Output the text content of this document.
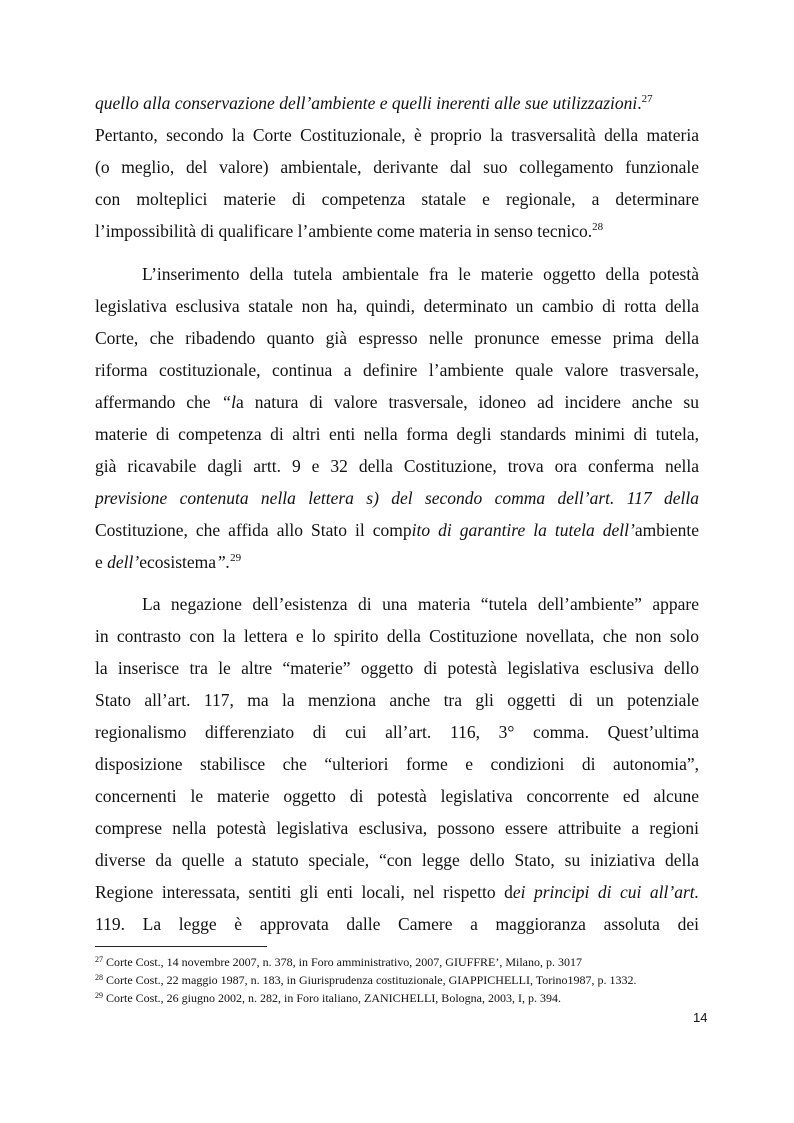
quello alla conservazione dell’ambiente e quelli inerenti alle sue utilizzazioni.$^{27}$
Pertanto, secondo la Corte Costituzionale, è proprio la trasversalità della materia
(o meglio, del valore) ambientale, derivante dal suo collegamento funzionale
con molteplici materie di competenza statale e regionale, a determinare
l’impossibilità di qualificare l’ambiente come materia in senso tecnico.$^{28}$
L’inserimento della tutela ambientale fra le materie oggetto della potestà
legislativa esclusiva statale non ha, quindi, determinato un cambio di rotta della
Corte, che ribadendo quanto già espresso nelle pronunce emesse prima della
riforma costituzionale, continua a definire l’ambiente quale valore trasversale,
affermando che “la natura di valore trasversale, idoneo ad incidere anche su
materie di competenza di altri enti nella forma degli standards minimi di tutela,
già ricavabile dagli artt. 9 e 32 della Costituzione, trova ora conferma nella
previsione contenuta nella lettera s) del secondo comma dell’art. 117 della
Costituzione, che affida allo Stato il compito di garantire la tutela dell’ambiente
e dell’ecosistema”.$^{29}$
La negazione dell’esistenza di una materia “tutela dell’ambiente” appare
in contrasto con la lettera e lo spirito della Costituzione novellata, che non solo
la inserisce tra le altre “materie” oggetto di potestà legislativa esclusiva dello
Stato all’art. 117, ma la menziona anche tra gli oggetti di un potenziale
regionalismo differenziato di cui all’art. 116, 3° comma. Quest’ultima
disposizione stabilisce che “ulteriori forme e condizioni di autonomia”,
concernenti le materie oggetto di potestà legislativa concorrente ed alcune
comprese nella potestà legislativa esclusiva, possono essere attribuite a regioni
diverse da quelle a statuto speciale, “con legge dello Stato, su iniziativa della
Regione interessata, sentiti gli enti locali, nel rispetto dei principi di cui all’art.
119. La legge è approvata dalle Camere a maggioranza assoluta dei
$^{27}$ Corte Cost., 14 novembre 2007, n. 378, in Foro amministrativo, 2007, GIUFFRE’, Milano, p. 3017
$^{28}$ Corte Cost., 22 maggio 1987, n. 183, in Giurisprudenza costituzionale, GIAPPICHELLI, Torino1987, p. 1332.
$^{29}$ Corte Cost., 26 giugno 2002, n. 282, in Foro italiano, ZANICHELLI, Bologna, 2003, I, p. 394.
14
